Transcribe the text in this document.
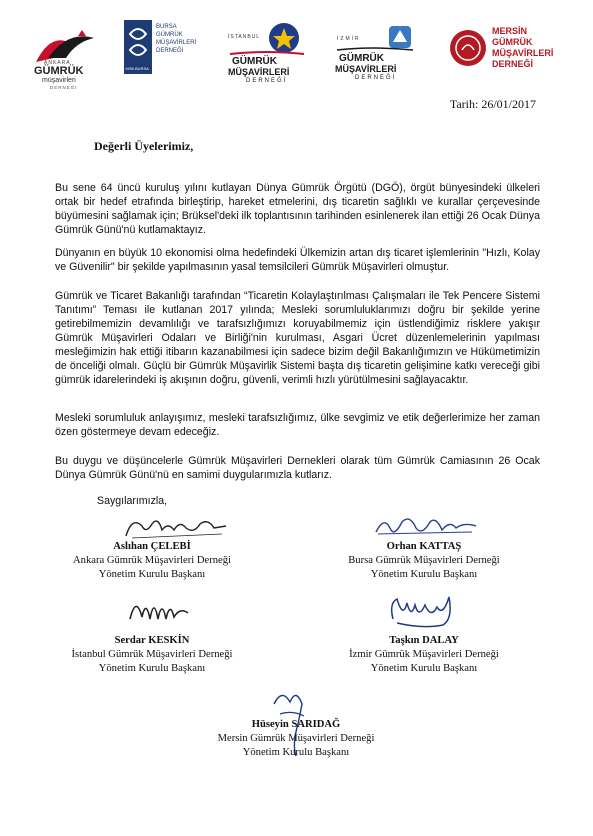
ANKARA
GÜMRÜK
müşavirleri
DERNEĞİ
1995 BURSA
BURSA
GÜMRÜK
MÜŞAVİRLERİ
DERNEĞİ
İSTANBUL
GÜMRÜK
MÜŞAVİRLERİ
DERNEĞİ
İZMİR
GÜMRÜK
MÜŞAVİRLERİ
DERNEĞİ
MERSİN
GÜMRÜK
MÜŞAVİRLERİ
DERNEĞİ
Tarih: 26/01/2017
Değerli Üyelerimiz,

Bu sene 64 üncü kuruluş yılını kutlayan Dünya Gümrük Örgütü (DGÖ), örgüt bünyesindeki ülkeleri ortak bir hedef etrafında birleştirip, hareket etmelerini, dış ticaretin sağlıklı ve kurallar çerçevesinde büyümesini sağlamak için; Brüksel'deki ilk toplantısının tarihinden esinlenerek ilan ettiği 26 Ocak Dünya Gümrük Günü'nü kutlamaktayız.

Dünyanın en büyük 10 ekonomisi olma hedefindeki Ülkemizin artan dış ticaret işlemlerinin "Hızlı, Kolay ve Güvenilir" bir şekilde yapılmasının yasal temsilcileri Gümrük Müşavirleri olmuştur.

Gümrük ve Ticaret Bakanlığı tarafından “Ticaretin Kolaylaştırılması Çalışmaları ile Tek Pencere Sistemi Tanıtımı” Teması ile kutlanan 2017 yılında; Mesleki sorumluluklarımızı doğru bir şekilde yerine getirebilmemizin devamlılığı ve tarafsızlığımızı koruyabilmemiz için üstlendiğimiz risklere yakışır Gümrük Müşavirleri Odaları ve Birliği'nin kurulması, Asgari Ücret düzenlemelerinin yapılması mesleğimizin hak ettiği itibarın kazanabilmesi için sadece bizim değil Bakanlığımızın ve Hükümetimizin de önceliği olmalı. Güçlü bir Gümrük Müşavirlik Sistemi başta dış ticaretin gelişimine katkı vereceği gibi gümrük idarelerindeki iş akışının doğru, güvenli, verimli hızlı yürütülmesini sağlayacaktır.

Mesleki sorumluluk anlayışımız, mesleki tarafsızlığımız, ülke sevgimiz ve etik değerlerimize her zaman özen göstermeye devam edeceğiz.

Bu duygu ve düşüncelerle Gümrük Müşavirleri Dernekleri olarak tüm Gümrük Camiasının 26 Ocak Dünya Gümrük Günü'nü en samimi duygularımızla kutlarız.

Saygılarımızla,
Aslıhan ÇELEBİ
Ankara Gümrük Müşavirleri Derneği
Yönetim Kurulu Başkanı
Orhan KATTAŞ
Bursa Gümrük Müşavirleri Derneği
Yönetim Kurulu Başkanı
Serdar KESKİN
İstanbul Gümrük Müşavirleri Derneği
Yönetim Kurulu Başkanı
Taşkın DALAY
İzmir Gümrük Müşavirleri Derneği
Yönetim Kurulu Başkanı
Hüseyin SARIDAĞ
Mersin Gümrük Müşavirleri Derneği
Yönetim Kurulu Başkanı
